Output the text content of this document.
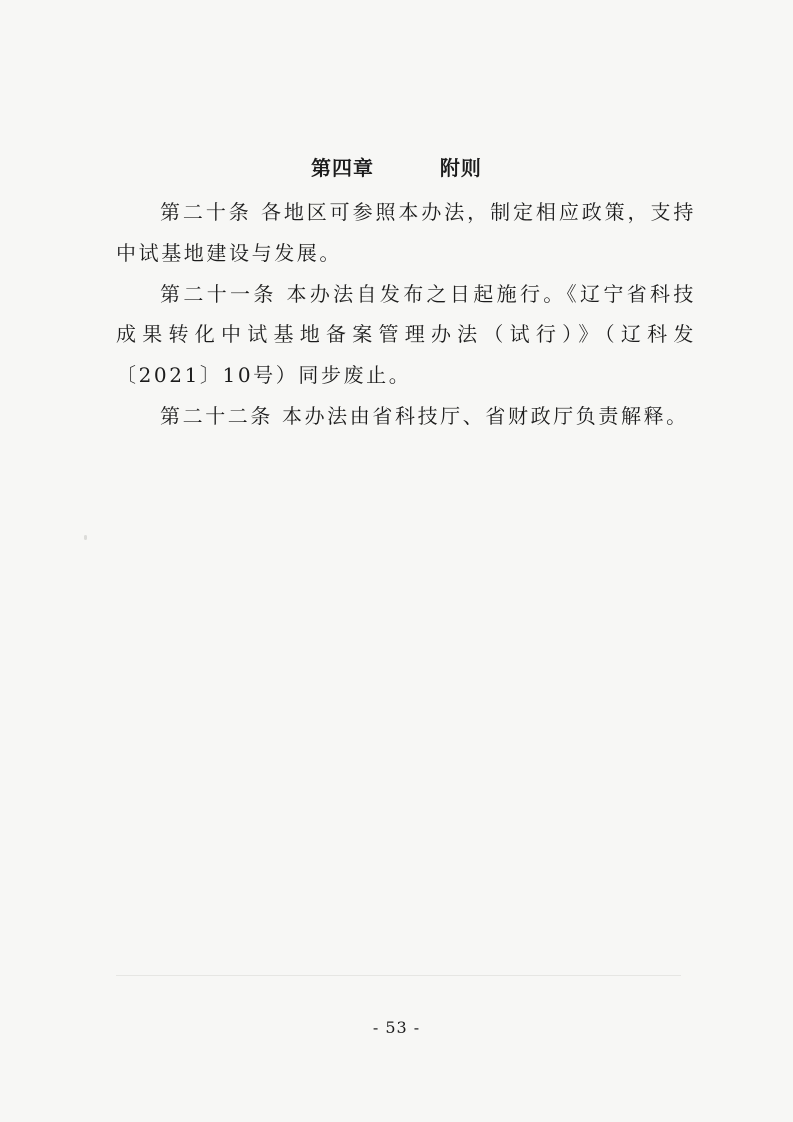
第四章   附则

第二十条 各地区可参照本办法，制定相应政策，支持中试基地建设与发展。

第二十一条 本办法自发布之日起施行。《辽宁省科技成果转化中试基地备案管理办法（试行）》（辽科发〔2021〕10号）同步废止。

第二十二条 本办法由省科技厅、省财政厅负责解释。

- 53 -
